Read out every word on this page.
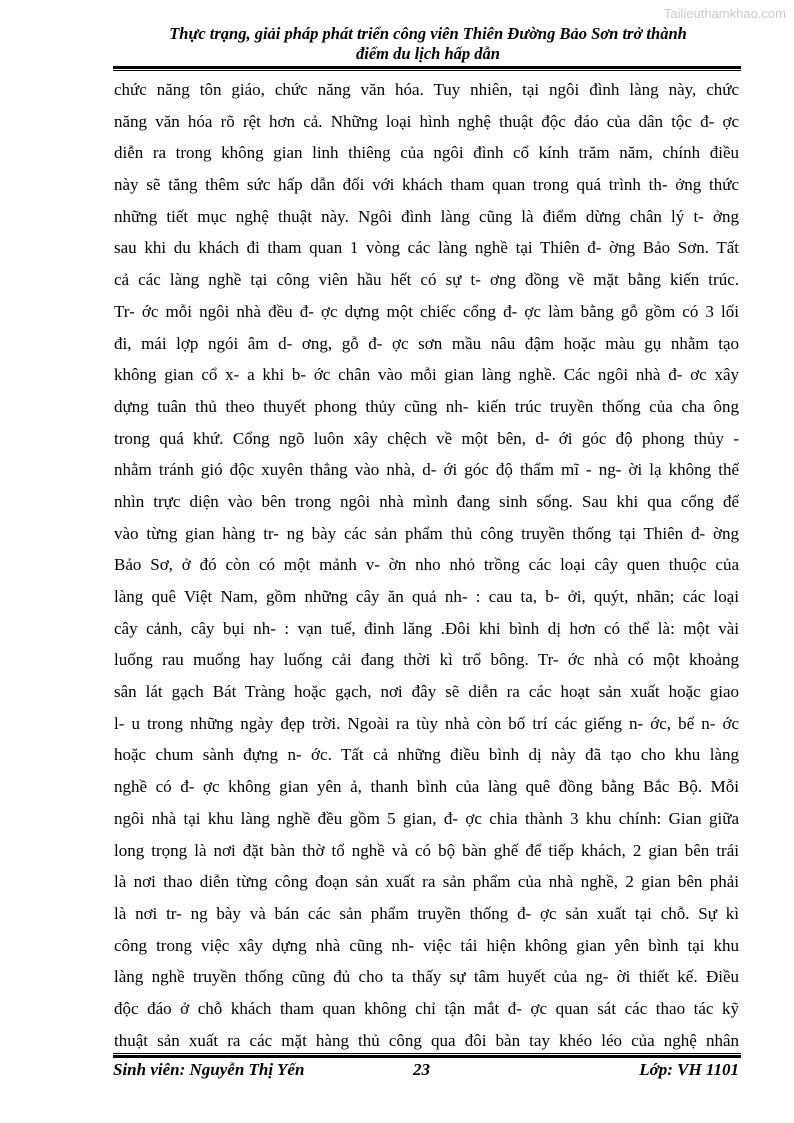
Tailieuthamkhao.com
Thực trạng, giải pháp phát triển công viên Thiên Đường Bảo Sơn trở thành
điểm du lịch hấp dẫn
chức năng tôn giáo, chức năng văn hóa. Tuy nhiên, tại ngôi đình làng này, chức
năng văn hóa rõ rệt hơn cả. Những loại hình nghệ thuật độc đáo của dân tộc đ- ợc
diễn ra trong không gian linh thiêng của ngôi đình cổ kính trăm năm, chính điều
này sẽ tăng thêm sức hấp dẫn đối với khách tham quan trong quá trình th- ởng thức
những tiết mục nghệ thuật này. Ngôi đình làng cũng là điểm dừng chân lý t- ởng
sau khi du khách đi tham quan 1 vòng các làng nghề tại Thiên đ- ờng Bảo Sơn. Tất
cả các làng nghề tại công viên hầu hết có sự t- ơng đồng về mặt bằng kiến trúc.
Tr- ớc mỗi ngôi nhà đều đ- ợc dựng một chiếc cổng đ- ợc làm bằng gỗ gồm có 3 lối
đi, mái lợp ngói âm d- ơng, gỗ đ- ợc sơn mầu nâu đậm hoặc màu gụ nhằm tạo
không gian cổ x- a khi b- ớc chân vào mỗi gian làng nghề. Các ngôi nhà đ- ơc xây
dựng tuân thủ theo thuyết phong thủy cũng nh- kiến trúc truyền thống của cha ông
trong quá khứ. Cổng ngõ luôn xây chệch về một bên, d- ới góc độ phong thủy -
nhằm tránh gió độc xuyên thẳng vào nhà, d- ới góc độ thẩm mĩ - ng- ời lạ không thể
nhìn trực diện vào bên trong ngôi nhà mình đang sinh sống. Sau khi qua cổng để
vào từng gian hàng tr- ng bày các sản phẩm thủ công truyền thống tại Thiên đ- ờng
Bảo Sơ, ở đó còn có một mảnh v- ờn nho nhỏ trồng các loại cây quen thuộc của
làng quê Việt Nam, gồm những cây ăn quả nh- : cau ta, b- ởi, quýt, nhãn; các loại
cây cảnh, cây bụi nh- : vạn tuế, đinh lăng .Đôi khi bình dị hơn có thể là: một vài
luống rau muống hay luống cải đang thời kì trổ bông. Tr- ớc nhà có một khoảng
sân lát gạch Bát Tràng hoặc gạch, nơi đây sẽ diễn ra các hoạt sản xuất hoặc giao
l- u trong những ngày đẹp trời. Ngoài ra tùy nhà còn bố trí các giếng n- ớc, bể n- ớc
hoặc chum sành đựng n- ớc. Tất cả những điều bình dị này đã tạo cho khu làng
nghề có đ- ợc không gian yên ả, thanh bình của làng quê đồng bằng Bắc Bộ. Mỗi
ngôi nhà tại khu làng nghề đều gồm 5 gian, đ- ợc chia thành 3 khu chính: Gian giữa
long trọng là nơi đặt bàn thờ tổ nghề và có bộ bàn ghế để tiếp khách, 2 gian bên trái
là nơi thao diễn từng công đoạn sản xuất ra sản phẩm của nhà nghề, 2 gian bên phải
là nơi tr- ng bày và bán các sản phẩm truyền thống đ- ợc sản xuất tại chỗ. Sự kì
công trong việc xây dựng nhà cũng nh- việc tái hiện không gian yên bình tại khu
làng nghề truyền thống cũng đủ cho ta thấy sự tâm huyết của ng- ời thiết kế. Điều
độc đáo ở chỗ khách tham quan không chỉ tận mắt đ- ợc quan sát các thao tác kỹ
thuật sản xuất ra các mặt hàng thủ công qua đôi bàn tay khéo léo của nghệ nhân
Sinh viên: Nguyễn Thị Yến	23	Lớp: VH 1101
